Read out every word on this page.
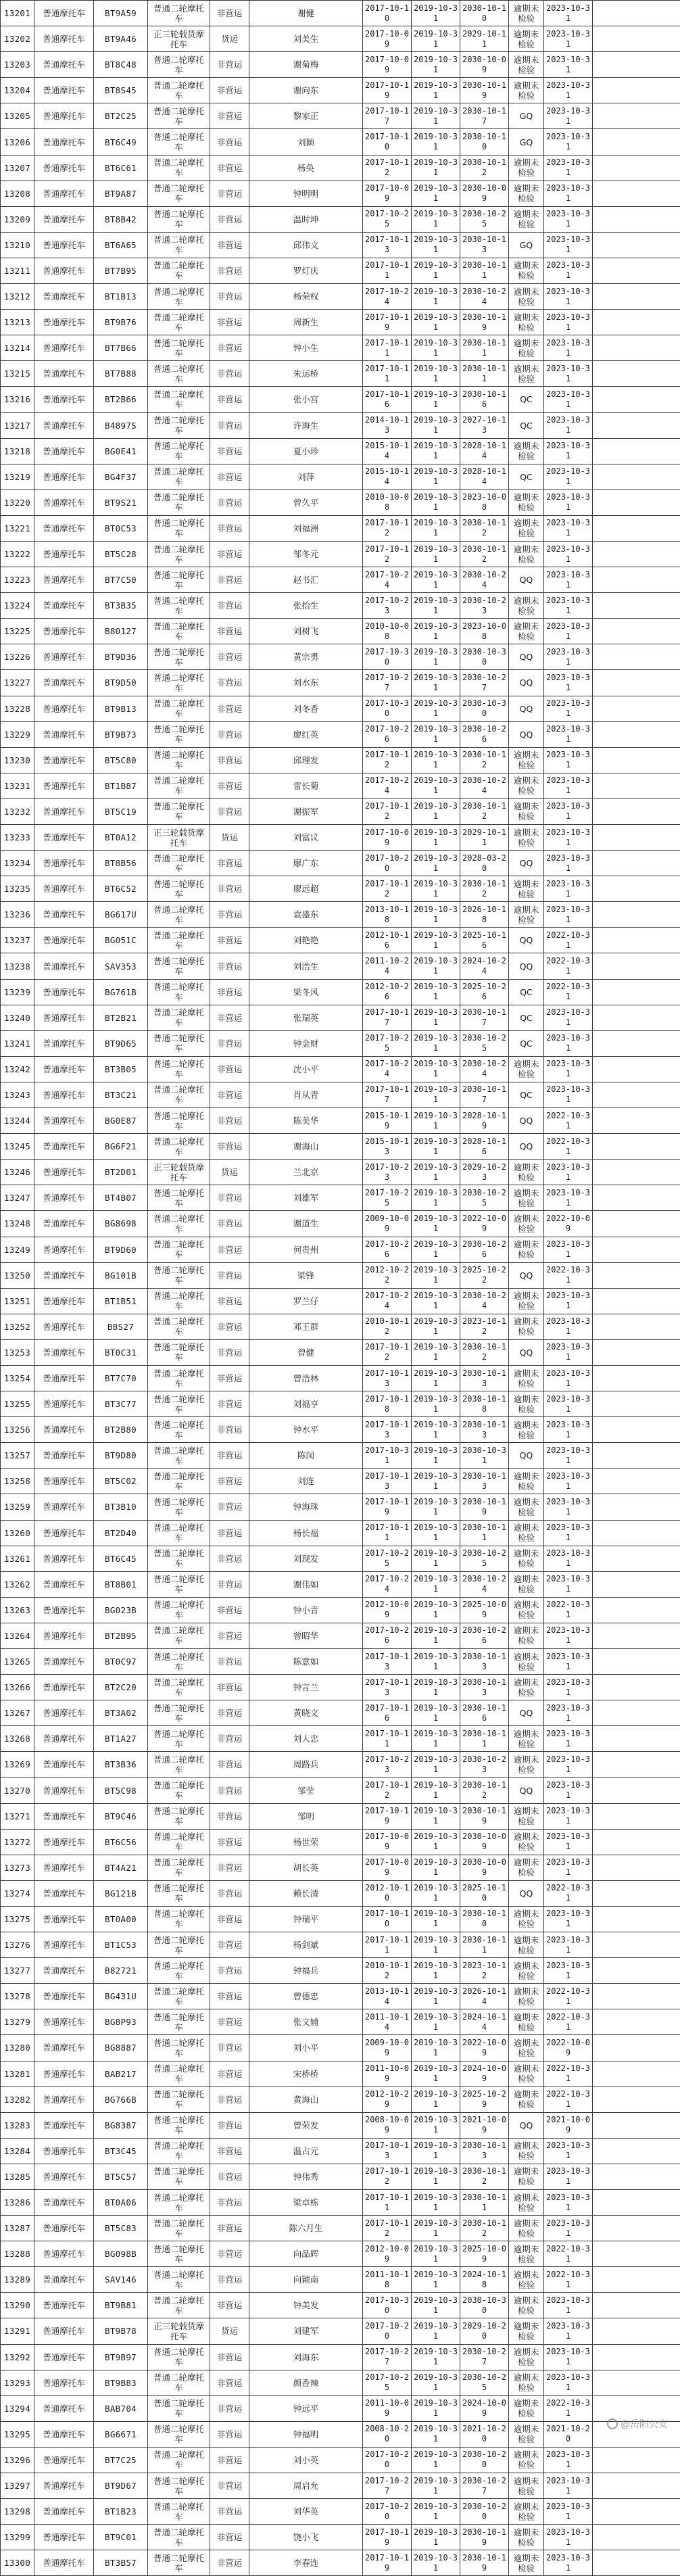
13201	普通摩托车	BT9A59	普通二轮摩托车	非营运	谢健	2017-10-10	2019-10-31	2030-10-10	逾期未检验	2023-10-31	
13202	普通摩托车	BT9A46	正三轮载货摩托车	货运	刘美生	2017-10-09	2019-10-31	2029-10-11	逾期未检验	2023-10-31	
13203	普通摩托车	BT8C48	普通二轮摩托车	非营运	谢菊梅	2017-10-09	2019-10-31	2030-10-09	逾期未检验	2023-10-31	
13204	普通摩托车	BT8S45	普通二轮摩托车	非营运	谢向东	2017-10-19	2019-10-31	2030-10-19	逾期未检验	2023-10-31	
13205	普通摩托车	BT2C25	普通二轮摩托车	非营运	黎家正	2017-10-17	2019-10-31	2030-10-17	GQ	2023-10-31	
13206	普通摩托车	BT6C49	普通二轮摩托车	非营运	刘颖	2017-10-10	2019-10-31	2030-10-10	GQ	2023-10-31	
13207	普通摩托车	BT6C61	普通二轮摩托车	非营运	杨奂	2017-10-12	2019-10-31	2030-10-12	逾期未检验	2023-10-31	
13208	普通摩托车	BT9A87	普通二轮摩托车	非营运	钟明明	2017-10-09	2019-10-31	2030-10-09	逾期未检验	2023-10-31	
13209	普通摩托车	BT8B42	普通二轮摩托车	非营运	温时坤	2017-10-25	2019-10-31	2030-10-25	逾期未检验	2023-10-31	
13210	普通摩托车	BT6A65	普通二轮摩托车	非营运	邱伟文	2017-10-13	2019-10-31	2030-10-13	GQ	2023-10-31	
13211	普通摩托车	BT7B95	普通二轮摩托车	非营运	罗灯庆	2017-10-11	2019-10-31	2030-10-11	逾期未检验	2023-10-31	
13212	普通摩托车	BT1B13	普通二轮摩托车	非营运	杨荣权	2017-10-24	2019-10-31	2030-10-24	逾期未检验	2023-10-31	
13213	普通摩托车	BT9B76	普通二轮摩托车	非营运	周新生	2017-10-19	2019-10-31	2030-10-19	逾期未检验	2023-10-31	
13214	普通摩托车	BT7B66	普通二轮摩托车	非营运	钟小生	2017-10-11	2019-10-31	2030-10-11	逾期未检验	2023-10-31	
13215	普通摩托车	BT7B88	普通二轮摩托车	非营运	朱运桥	2017-10-11	2019-10-31	2030-10-11	逾期未检验	2023-10-31	
13216	普通摩托车	BT2B66	普通二轮摩托车	非营运	张小宫	2017-10-16	2019-10-31	2030-10-16	QC	2023-10-31	
13217	普通摩托车	B4897S	普通二轮摩托车	非营运	许海生	2014-10-13	2019-10-31	2027-10-13	QC	2023-10-31	
13218	普通摩托车	BG0E41	普通二轮摩托车	非营运	夏小珍	2015-10-14	2019-10-31	2028-10-14	逾期未检验	2023-10-31	
13219	普通摩托车	BG4F37	普通二轮摩托车	非营运	刘萍	2015-10-14	2019-10-31	2028-10-14	QC	2023-10-31	
13220	普通摩托车	BT9S21	普通二轮摩托车	非营运	曾久平	2010-10-08	2019-10-31	2023-10-08	逾期未检验	2023-10-31	
13221	普通摩托车	BT0C53	普通二轮摩托车	非营运	刘福洲	2017-10-12	2019-10-31	2030-10-12	逾期未检验	2023-10-31	
13222	普通摩托车	BT5C28	普通二轮摩托车	非营运	邹冬元	2017-10-12	2019-10-31	2030-10-12	逾期未检验	2023-10-31	
13223	普通摩托车	BT7C50	普通二轮摩托车	非营运	赵书汇	2017-10-24	2019-10-31	2030-10-24	QQ	2023-10-31	
13224	普通摩托车	BT3B35	普通二轮摩托车	非营运	张抬生	2017-10-23	2019-10-31	2030-10-23	逾期未检验	2023-10-31	
13225	普通摩托车	B80127	普通二轮摩托车	非营运	刘树飞	2010-10-08	2019-10-31	2023-10-08	逾期未检验	2023-10-31	
13226	普通摩托车	BT9D36	普通二轮摩托车	非营运	黄宗勇	2017-10-30	2019-10-31	2030-10-30	QQ	2023-10-31	
13227	普通摩托车	BT9D50	普通二轮摩托车	非营运	刘水东	2017-10-27	2019-10-31	2030-10-27	QQ	2023-10-31	
13228	普通摩托车	BT9B13	普通二轮摩托车	非营运	刘冬香	2017-10-30	2019-10-31	2030-10-30	QQ	2023-10-31	
13229	普通摩托车	BT9B73	普通二轮摩托车	非营运	廖红英	2017-10-26	2019-10-31	2030-10-26	QQ	2023-10-31	
13230	普通摩托车	BT5C80	普通二轮摩托车	非营运	邱理发	2017-10-12	2019-10-31	2030-10-12	逾期未检验	2023-10-31	
13231	普通摩托车	BT1B87	普通二轮摩托车	非营运	雷长菊	2017-10-24	2019-10-31	2030-10-24	逾期未检验	2023-10-31	
13232	普通摩托车	BT5C19	普通二轮摩托车	非营运	谢振军	2017-10-12	2019-10-31	2030-10-12	逾期未检验	2023-10-31	
13233	普通摩托车	BT0A12	正三轮载货摩托车	货运	刘富议	2017-10-09	2019-10-31	2029-10-11	逾期未检验	2023-10-31	
13234	普通摩托车	BT8B56	普通二轮摩托车	非营运	廖广东	2017-10-20	2019-10-31	2028-03-20	QQ	2023-10-31	
13235	普通摩托车	BT6C52	普通二轮摩托车	非营运	廖远超	2017-10-12	2019-10-31	2030-10-12	逾期未检验	2023-10-31	
13236	普通摩托车	BG617U	普通二轮摩托车	非营运	袁盛东	2013-10-18	2019-10-31	2026-10-18	逾期未检验	2023-10-31	
13237	普通摩托车	BG051C	普通二轮摩托车	非营运	刘艳艳	2012-10-16	2019-10-31	2025-10-16	QQ	2022-10-31	
13238	普通摩托车	SAV353	普通二轮摩托车	非营运	刘浩生	2011-10-24	2019-10-31	2024-10-24	QQ	2022-10-31	
13239	普通摩托车	BG761B	普通二轮摩托车	非营运	梁冬风	2012-10-26	2019-10-31	2025-10-26	QC	2022-10-31	
13240	普通摩托车	BT2B21	普通二轮摩托车	非营运	张瑞英	2017-10-17	2019-10-31	2030-10-17	QC	2023-10-31	
13241	普通摩托车	BT9D65	普通二轮摩托车	非营运	钟金财	2017-10-25	2019-10-31	2030-10-25	QC	2023-10-31	
13242	普通摩托车	BT3B05	普通二轮摩托车	非营运	沈小平	2017-10-24	2019-10-31	2030-10-24	逾期未检验	2023-10-31	
13243	普通摩托车	BT3C21	普通二轮摩托车	非营运	肖从青	2017-10-17	2019-10-31	2030-10-17	QC	2023-10-31	
13244	普通摩托车	BG0E87	普通二轮摩托车	非营运	陈美华	2015-10-19	2019-10-31	2028-10-19	QQ	2022-10-31	
13245	普通摩托车	BG6F21	普通二轮摩托车	非营运	谢海山	2015-10-13	2019-10-31	2028-10-16	QQ	2022-10-31	
13246	普通摩托车	BT2D01	正三轮载货摩托车	货运	兰北京	2017-10-23	2019-10-31	2029-10-23	逾期未检验	2023-10-31	
13247	普通摩托车	BT4B07	普通二轮摩托车	非营运	刘雄军	2017-10-25	2019-10-31	2030-10-25	逾期未检验	2023-10-31	
13248	普通摩托车	BG8698	普通二轮摩托车	非营运	谢道生	2009-10-09	2019-10-31	2022-10-09	逾期未检验	2022-10-09	
13249	普通摩托车	BT9D60	普通二轮摩托车	非营运	何贵州	2017-10-26	2019-10-31	2030-10-26	逾期未检验	2023-10-31	
13250	普通摩托车	BG101B	普通二轮摩托车	非营运	梁锋	2012-10-22	2019-10-31	2025-10-22	QQ	2022-10-31	
13251	普通摩托车	BT1B51	普通二轮摩托车	非营运	罗兰仔	2017-10-24	2019-10-31	2030-10-24	逾期未检验	2023-10-31	
13252	普通摩托车	B8S27	普通二轮摩托车	非营运	邓王群	2010-10-12	2019-10-31	2023-10-12	逾期未检验	2023-10-31	
13253	普通摩托车	BT0C31	普通二轮摩托车	非营运	曾健	2017-10-12	2019-10-31	2030-10-12	QQ	2023-10-31	
13254	普通摩托车	BT7C70	普通二轮摩托车	非营运	曾浩林	2017-10-13	2019-10-31	2030-10-13	逾期未检验	2023-10-31	
13255	普通摩托车	BT3C77	普通二轮摩托车	非营运	刘福亨	2017-10-18	2019-10-31	2030-10-18	逾期未检验	2023-10-31	
13256	普通摩托车	BT2B80	普通二轮摩托车	非营运	钟水平	2017-10-13	2019-10-31	2030-10-13	逾期未检验	2023-10-31	
13257	普通摩托车	BT9D80	普通二轮摩托车	非营运	陈闵	2017-10-31	2019-10-31	2030-10-31	QQ	2023-10-31	
13258	普通摩托车	BT5C02	普通二轮摩托车	非营运	刘连	2017-10-13	2019-10-31	2030-10-13	逾期未检验	2023-10-31	
13259	普通摩托车	BT3B10	普通二轮摩托车	非营运	钟海珠	2017-10-19	2019-10-31	2030-10-19	逾期未检验	2023-10-31	
13260	普通摩托车	BT2D40	普通二轮摩托车	非营运	杨长福	2017-10-11	2019-10-31	2030-10-11	逾期未检验	2023-10-31	
13261	普通摩托车	BT6C45	普通二轮摩托车	非营运	刘现发	2017-10-25	2019-10-31	2030-10-25	逾期未检验	2023-10-31	
13262	普通摩托车	BT8B01	普通二轮摩托车	非营运	谢伟如	2017-10-24	2019-10-31	2030-10-24	逾期未检验	2023-10-31	
13263	普通摩托车	BG023B	普通二轮摩托车	非营运	钟小青	2012-10-09	2019-10-31	2025-10-09	逾期未检验	2022-10-31	
13264	普通摩托车	BT2B95	普通二轮摩托车	非营运	曾昭华	2017-10-26	2019-10-31	2030-10-26	逾期未检验	2023-10-31	
13265	普通摩托车	BT0C97	普通二轮摩托车	非营运	陈意如	2017-10-13	2019-10-31	2030-10-13	逾期未检验	2023-10-31	
13266	普通摩托车	BT2C20	普通二轮摩托车	非营运	钟言兰	2017-10-13	2019-10-31	2030-10-13	逾期未检验	2023-10-31	
13267	普通摩托车	BT3A02	普通二轮摩托车	非营运	黄晓文	2017-10-16	2019-10-31	2030-10-16	QQ	2023-10-31	
13268	普通摩托车	BT1A27	普通二轮摩托车	非营运	刘人忠	2017-10-11	2019-10-31	2030-10-11	逾期未检验	2023-10-31	
13269	普通摩托车	BT3B36	普通二轮摩托车	非营运	周路兵	2017-10-23	2019-10-31	2030-10-23	逾期未检验	2023-10-31	
13270	普通摩托车	BT5C98	普通二轮摩托车	非营运	邹莹	2017-10-12	2019-10-31	2030-10-12	QQ	2023-10-31	
13271	普通摩托车	BT9C46	普通二轮摩托车	非营运	邹明	2017-10-19	2019-10-31	2030-10-19	逾期未检验	2023-10-31	
13272	普通摩托车	BT6C56	普通二轮摩托车	非营运	杨世荣	2017-10-09	2019-10-31	2030-10-09	逾期未检验	2023-10-31	
13273	普通摩托车	BT4A21	普通二轮摩托车	非营运	胡长英	2017-10-09	2019-10-31	2030-10-09	逾期未检验	2023-10-31	
13274	普通摩托车	BG121B	普通二轮摩托车	非营运	赖长清	2012-10-10	2019-10-31	2025-10-10	QQ	2022-10-31	
13275	普通摩托车	BT0A00	普通二轮摩托车	非营运	钟瑞平	2017-10-10	2019-10-31	2030-10-10	逾期未检验	2023-10-31	
13276	普通摩托车	BT1C53	普通二轮摩托车	非营运	杨剑斌	2017-10-11	2019-10-31	2030-10-11	逾期未检验	2023-10-31	
13277	普通摩托车	B82721	普通二轮摩托车	非营运	钟福兵	2010-10-12	2019-10-31	2023-10-12	逾期未检验	2023-10-31	
13278	普通摩托车	BG431U	普通二轮摩托车	非营运	曾德忠	2013-10-14	2019-10-31	2026-10-14	逾期未检验	2022-10-31	
13279	普通摩托车	BG8P93	普通二轮摩托车	非营运	张文辅	2011-10-14	2019-10-31	2024-10-14	逾期未检验	2022-10-31	
13280	普通摩托车	BG8887	普通二轮摩托车	非营运	刘小平	2009-10-09	2019-10-31	2022-10-09	逾期未检验	2022-10-09	
13281	普通摩托车	BAB217	普通二轮摩托车	非营运	宋桥桥	2011-10-09	2019-10-31	2024-10-09	逾期未检验	2022-10-31	
13282	普通摩托车	BG766B	普通二轮摩托车	非营运	黄海山	2012-10-29	2019-10-31	2025-10-29	逾期未检验	2022-10-31	
13283	普通摩托车	BG8387	普通二轮摩托车	非营运	曾荣发	2008-10-09	2019-10-31	2021-10-09	QQ	2021-10-09	
13284	普通摩托车	BT3C45	普通二轮摩托车	非营运	温占元	2017-10-13	2019-10-31	2030-10-13	逾期未检验	2023-10-31	
13285	普通摩托车	BT5C57	普通二轮摩托车	非营运	钟伟秀	2017-10-12	2019-10-31	2030-10-12	逾期未检验	2023-10-31	
13286	普通摩托车	BT0A06	普通二轮摩托车	非营运	梁卓栋	2017-10-11	2019-10-31	2030-10-11	逾期未检验	2023-10-31	
13287	普通摩托车	BT5C83	普通二轮摩托车	非营运	陈六月生	2017-10-12	2019-10-31	2030-10-12	逾期未检验	2023-10-31	
13288	普通摩托车	BG098B	普通二轮摩托车	非营运	向品辉	2012-10-09	2019-10-31	2025-10-09	逾期未检验	2022-10-31	
13289	普通摩托车	SAV146	普通二轮摩托车	非营运	向颖南	2011-10-18	2019-10-31	2024-10-18	逾期未检验	2022-10-31	
13290	普通摩托车	BT9B81	普通二轮摩托车	非营运	钟美发	2017-10-30	2019-10-31	2030-10-30	逾期未检验	2023-10-31	
13291	普通摩托车	BT9B78	正三轮载货摩托车	货运	刘建军	2017-10-20	2019-10-31	2029-10-20	逾期未检验	2023-10-31	
13292	普通摩托车	BT9B97	普通二轮摩托车	非营运	刘海东	2017-10-27	2019-10-31	2030-10-27	逾期未检验	2023-10-31	
13293	普通摩托车	BT9B83	普通二轮摩托车	非营运	颜香辣	2017-10-25	2019-10-31	2030-10-25	逾期未检验	2023-10-31	
13294	普通摩托车	BAB704	普通二轮摩托车	非营运	钟远平	2011-10-09	2019-10-31	2024-10-09	逾期未检验	2022-10-31	
13295	普通摩托车	BG6671	普通二轮摩托车	非营运	钟福明	2008-10-20	2019-10-31	2021-10-20	逾期未检验	2021-10-20	
13296	普通摩托车	BT7C25	普通二轮摩托车	非营运	刘小英	2017-10-20	2019-10-31	2030-10-20	逾期未检验	2023-10-31	
13297	普通摩托车	BT9D67	普通二轮摩托车	非营运	周启允	2017-10-27	2019-10-31	2030-10-27	逾期未检验	2023-10-31	
13298	普通摩托车	BT1B23	普通二轮摩托车	非营运	刘华英	2017-10-20	2019-10-31	2030-10-20	逾期未检验	2023-10-31	
13299	普通摩托车	BT9C01	普通二轮摩托车	非营运	饶小飞	2017-10-19	2019-10-31	2030-10-19	逾期未检验	2023-10-31	
13300	普通摩托车	BT3B57	普通二轮摩托车	非营运	李春连	2017-10-19	2019-10-31	2030-10-19	逾期未检验	2023-10-31	
@岳阳公安
